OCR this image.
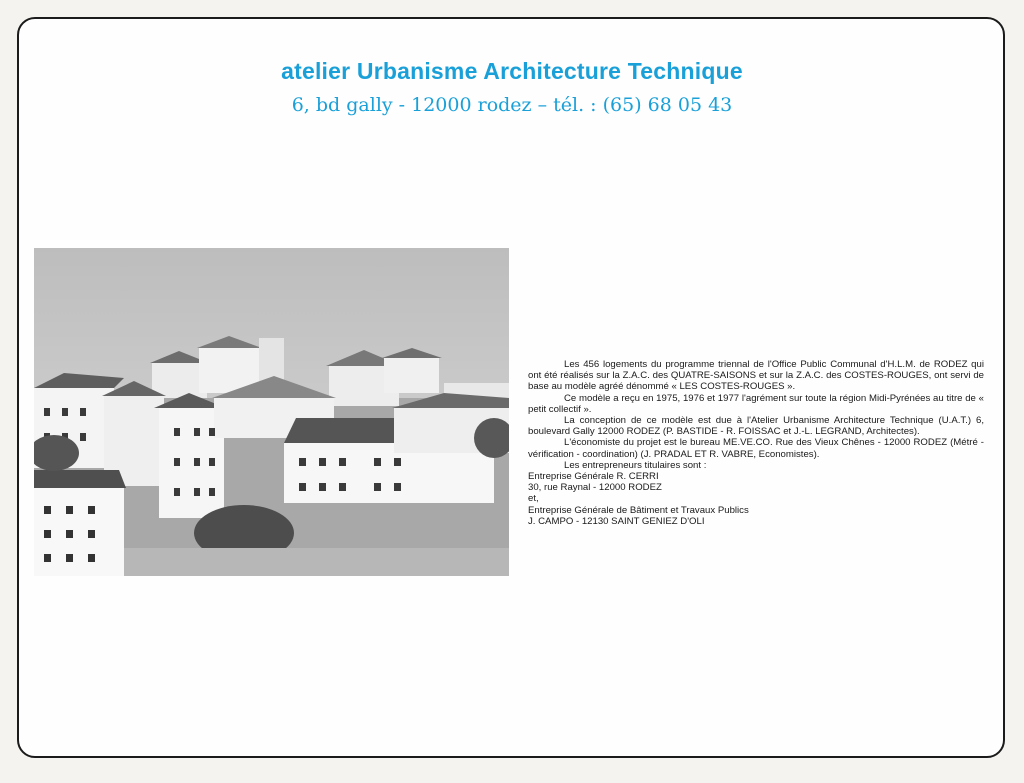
atelier Urbanisme Architecture Technique
6, bd gally - 12000 rodez – tél. : (65) 68 05 43

Les 456 logements du programme triennal de l'Office Public Communal d'H.L.M. de RODEZ qui ont été réalisés sur la Z.A.C. des QUATRE-SAISONS et sur la Z.A.C. des COSTES-ROUGES, ont servi de base au modèle agréé dénommé « LES COSTES-ROUGES ».

Ce modèle a reçu en 1975, 1976 et 1977 l'agrément sur toute la région Midi-Pyrénées au titre de « petit collectif ».

La conception de ce modèle est due à l'Atelier Urbanisme Architecture Technique (U.A.T.) 6, boulevard Gally 12000 RODEZ (P. BASTIDE - R. FOISSAC et J.-L. LEGRAND, Architectes).

L'économiste du projet est le bureau ME.VE.CO. Rue des Vieux Chênes - 12000 RODEZ (Métré - vérification - coordination) (J. PRADAL ET R. VABRE, Economistes).

Les entrepreneurs titulaires sont :

Entreprise Générale R. CERRI

30, rue Raynal - 12000 RODEZ

et,

Entreprise Générale de Bâtiment et Travaux Publics

J. CAMPO - 12130 SAINT GENIEZ D'OLI
